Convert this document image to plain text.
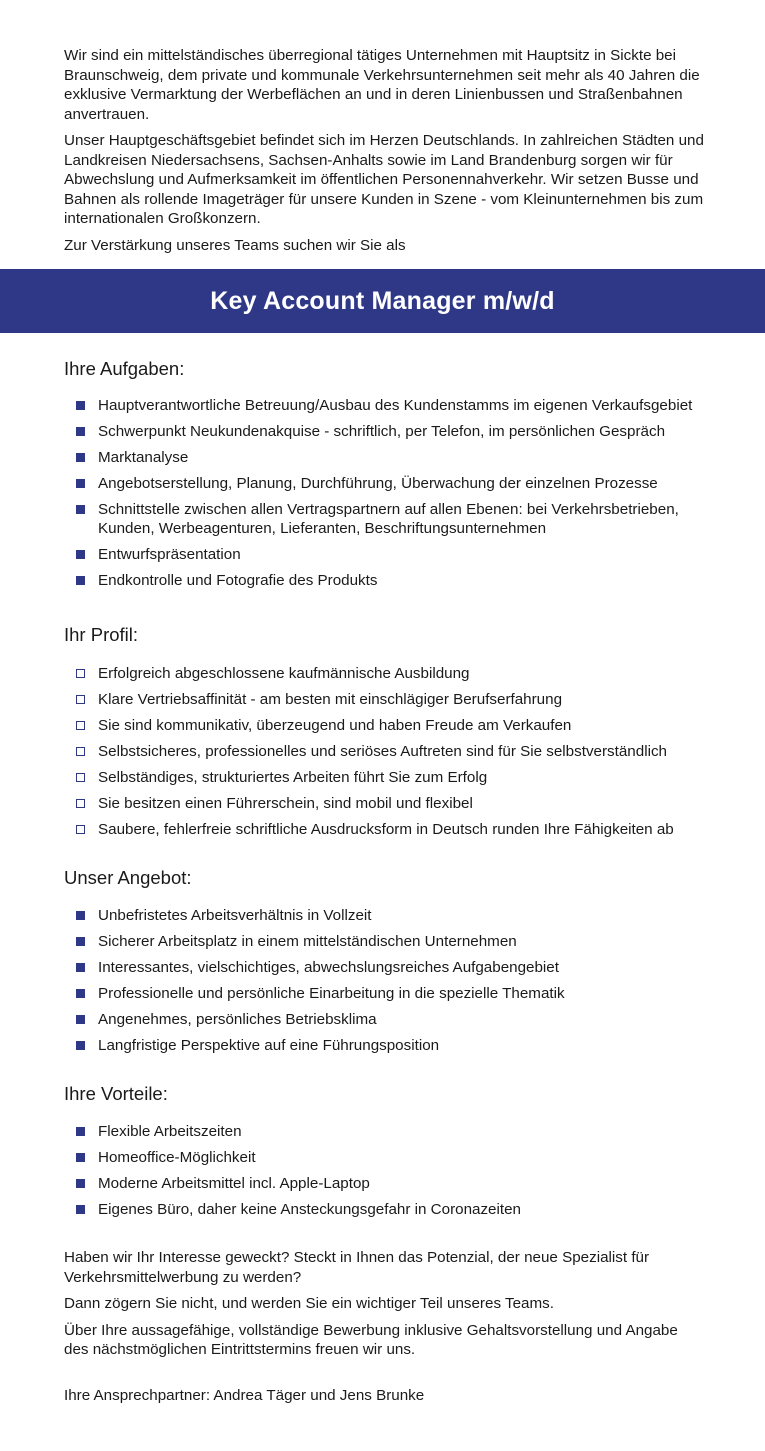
Wir sind ein mittelständisches überregional tätiges Unternehmen mit Hauptsitz in Sickte bei Braunschweig, dem private und kommunale Verkehrsunternehmen seit mehr als 40 Jahren die exklusive Vermarktung der Werbeflächen an und in deren Linienbussen und Straßenbahnen anvertrauen.

Unser Hauptgeschäftsgebiet befindet sich im Herzen Deutschlands. In zahlreichen Städten und Landkreisen Niedersachsens, Sachsen-Anhalts sowie im Land Brandenburg sorgen wir für Abwechslung und Aufmerksamkeit im öffentlichen Personennahverkehr. Wir setzen Busse und Bahnen als rollende Imageträger für unsere Kunden in Szene - vom Kleinunternehmen bis zum internationalen Großkonzern.

Zur Verstärkung unseres Teams suchen wir Sie als

Key Account Manager m/w/d
Ihre Aufgaben:
Hauptverantwortliche Betreuung/Ausbau des Kundenstamms im eigenen Verkaufsgebiet
Schwerpunkt Neukundenakquise - schriftlich, per Telefon, im persönlichen Gespräch
Marktanalyse
Angebotserstellung, Planung, Durchführung, Überwachung der einzelnen Prozesse
Schnittstelle zwischen allen Vertragspartnern auf allen Ebenen: bei Verkehrsbetrieben, Kunden, Werbeagenturen, Lieferanten, Beschriftungsunternehmen
Entwurfspräsentation
Endkontrolle und Fotografie des Produkts
Ihr Profil:
Erfolgreich abgeschlossene kaufmännische Ausbildung
Klare Vertriebsaffinität - am besten mit einschlägiger Berufserfahrung
Sie sind kommunikativ, überzeugend und haben Freude am Verkaufen
Selbstsicheres, professionelles und seriöses Auftreten sind für Sie selbstverständlich
Selbständiges, strukturiertes Arbeiten führt Sie zum Erfolg
Sie besitzen einen Führerschein, sind mobil und flexibel
Saubere, fehlerfreie schriftliche Ausdrucksform in Deutsch runden Ihre Fähigkeiten ab
Unser Angebot:
Unbefristetes Arbeitsverhältnis in Vollzeit
Sicherer Arbeitsplatz in einem mittelständischen Unternehmen
Interessantes, vielschichtiges, abwechslungsreiches Aufgabengebiet
Professionelle und persönliche Einarbeitung in die spezielle Thematik
Angenehmes, persönliches Betriebsklima
Langfristige Perspektive auf eine Führungsposition
Ihre Vorteile:
Flexible Arbeitszeiten
Homeoffice-Möglichkeit
Moderne Arbeitsmittel incl. Apple-Laptop
Eigenes Büro, daher keine Ansteckungsgefahr in Coronazeiten

Haben wir Ihr Interesse geweckt? Steckt in Ihnen das Potenzial, der neue Spezialist für Verkehrsmittelwerbung zu werden?

Dann zögern Sie nicht, und werden Sie ein wichtiger Teil unseres Teams.

Über Ihre aussagefähige, vollständige Bewerbung inklusive Gehaltsvorstellung und Angabe des nächstmöglichen Eintrittstermins freuen wir uns.

Ihre Ansprechpartner: Andrea Täger und Jens Brunke
